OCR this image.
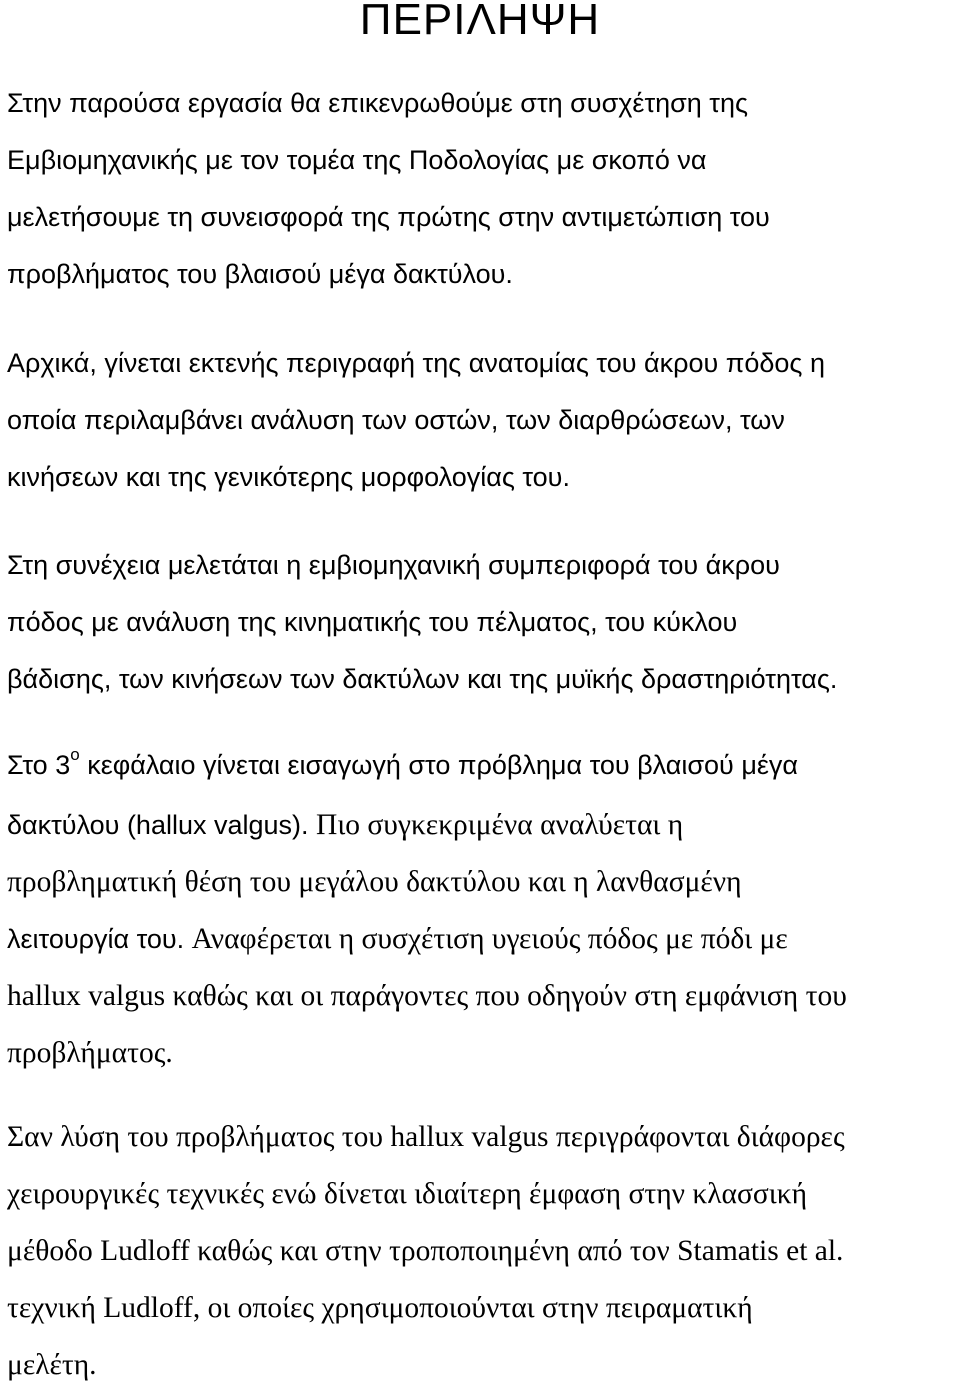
ΠΕΡΙΛΗΨΗ

Στην παρούσα εργασία θα επικενρωθούμε στη συσχέτηση της
Εμβιομηχανικής με τον τομέα της Ποδολογίας με σκοπό να
μελετήσουμε τη συνεισφορά της πρώτης στην αντιμετώπιση του
προβλήματος του βλαισού μέγα δακτύλου.

Αρχικά, γίνεται εκτενής περιγραφή της ανατομίας του άκρου πόδος η
οποία περιλαμβάνει ανάλυση των οστών, των διαρθρώσεων, των
κινήσεων και της γενικότερης μορφολογίας του.

Στη συνέχεια μελετάται η εμβιομηχανική συμπεριφορά του άκρου
πόδος με ανάλυση της κινηματικής του πέλματος, του κύκλου
βάδισης, των κινήσεων των δακτύλων και της μυϊκής δραστηριότητας.

Στο $3^o$ κεφάλαιο γίνεται εισαγωγή στο πρόβλημα του βλαισού μέγα
δακτύλου (hallux valgus). Πιο συγκεκριμένα αναλύεται η
προβληματική θέση του μεγάλου δακτύλου και η λανθασμένη
λειτουργία του. Αναφέρεται η συσχέτιση υγειούς πόδος με πόδι με
hallux valgus καθώς και οι παράγοντες που οδηγούν στη εμφάνιση του
προβλήματος.

Σαν λύση του προβλήματος του hallux valgus περιγράφονται διάφορες
χειρουργικές τεχνικές ενώ δίνεται ιδιαίτερη έμφαση στην κλασσική
μέθοδο Ludloff καθώς και στην τροποποιημένη από τον Stamatis et al.
τεχνική Ludloff, οι οποίες χρησιμοποιούνται στην πειραματική
μελέτη.
